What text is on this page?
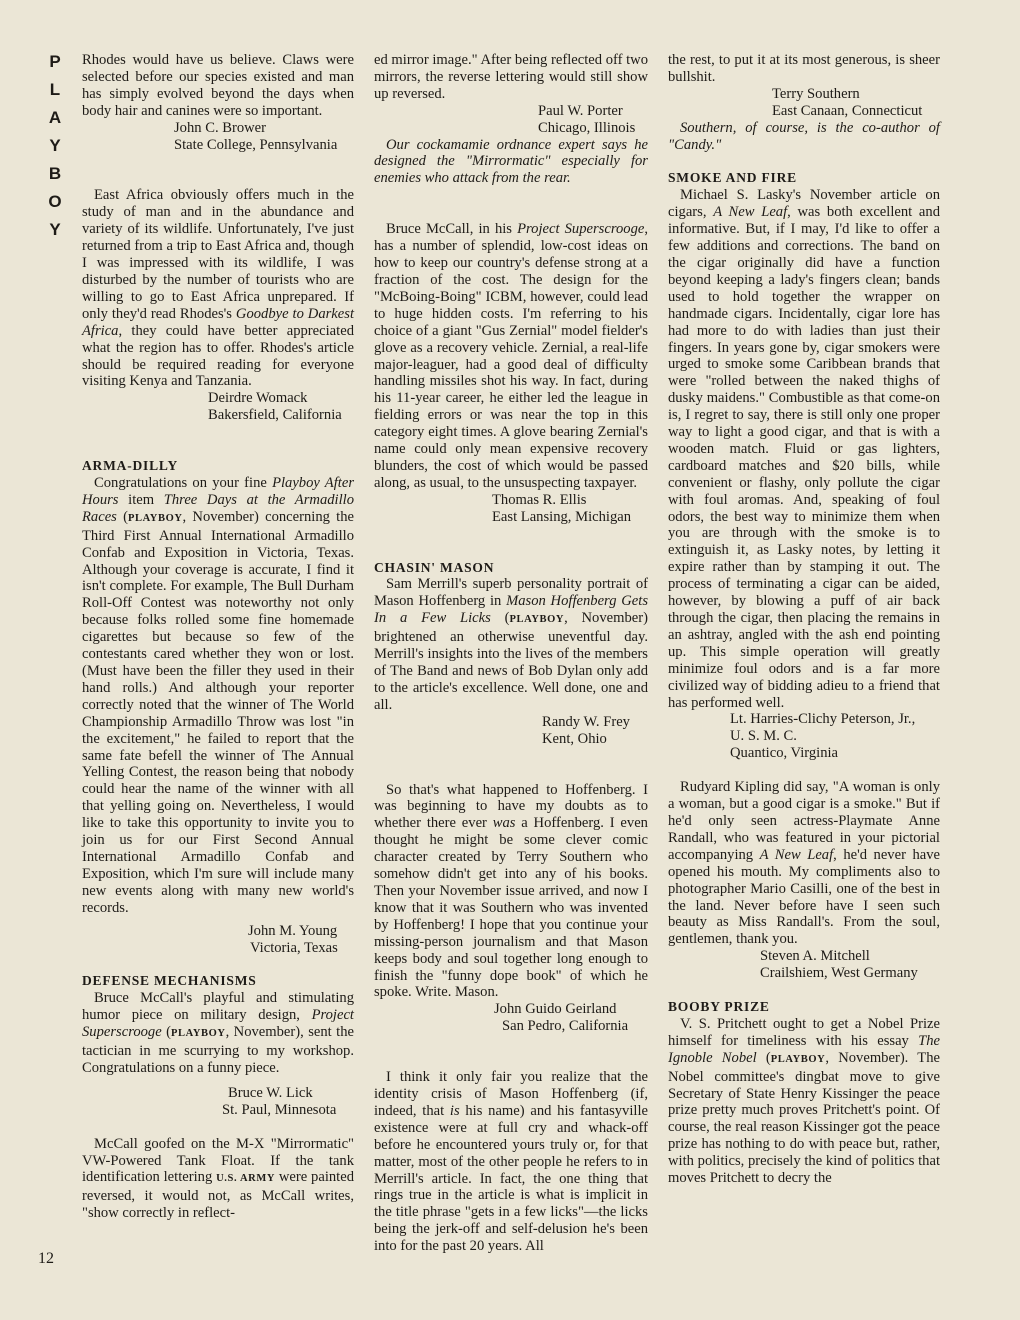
P
L
A
Y
B
O
Y
12

Rhodes would have us believe. Claws were selected before our species existed and man has simply evolved beyond the days when body hair and canines were so important.

John C. Brower
State College, Pennsylvania

East Africa obviously offers much in the study of man and in the abundance and variety of its wildlife. Unfortunately, I've just returned from a trip to East Africa and, though I was impressed with its wildlife, I was disturbed by the number of tourists who are willing to go to East Africa unprepared. If only they'd read Rhodes's Goodbye to Darkest Africa, they could have better appreciated what the region has to offer. Rhodes's article should be required reading for everyone visiting Kenya and Tanzania.

Deirdre Womack
Bakersfield, California
ARMA-DILLY

Congratulations on your fine Playboy After Hours item Three Days at the Armadillo Races (PLAYBOY, November) concerning the Third First Annual International Armadillo Confab and Exposition in Victoria, Texas. Although your coverage is accurate, I find it isn't complete. For example, The Bull Durham Roll-Off Contest was noteworthy not only because folks rolled some fine homemade cigarettes but because so few of the contestants cared whether they won or lost. (Must have been the filler they used in their hand rolls.) And although your reporter correctly noted that the winner of The World Championship Armadillo Throw was lost "in the excitement," he failed to report that the same fate befell the winner of The Annual Yelling Contest, the reason being that nobody could hear the name of the winner with all that yelling going on. Nevertheless, I would like to take this opportunity to invite you to join us for our First Second Annual International Armadillo Confab and Exposition, which I'm sure will include many new events along with many new world's records.

John M. Young
Victoria, Texas
DEFENSE MECHANISMS

Bruce McCall's playful and stimulating humor piece on military design, Project Superscrooge (PLAYBOY, November), sent the tactician in me scurrying to my workshop. Congratulations on a funny piece.

Bruce W. Lick
St. Paul, Minnesota

McCall goofed on the M-X "Mirrormatic" VW-Powered Tank Float. If the tank identification lettering U.S. ARMY were painted reversed, it would not, as McCall writes, "show correctly in reflect-

ed mirror image." After being reflected off two mirrors, the reverse lettering would still show up reversed.

Paul W. Porter
Chicago, Illinois

Our cockamamie ordnance expert says he designed the "Mirrormatic" especially for enemies who attack from the rear.

Bruce McCall, in his Project Superscrooge, has a number of splendid, low-cost ideas on how to keep our country's defense strong at a fraction of the cost. The design for the "McBoing-Boing" ICBM, however, could lead to huge hidden costs. I'm referring to his choice of a giant "Gus Zernial" model fielder's glove as a recovery vehicle. Zernial, a real-life major-leaguer, had a good deal of difficulty handling missiles shot his way. In fact, during his 11-year career, he either led the league in fielding errors or was near the top in this category eight times. A glove bearing Zernial's name could only mean expensive recovery blunders, the cost of which would be passed along, as usual, to the unsuspecting taxpayer.

Thomas R. Ellis
East Lansing, Michigan
CHASIN' MASON

Sam Merrill's superb personality portrait of Mason Hoffenberg in Mason Hoffenberg Gets In a Few Licks (PLAYBOY, November) brightened an otherwise uneventful day. Merrill's insights into the lives of the members of The Band and news of Bob Dylan only add to the article's excellence. Well done, one and all.

Randy W. Frey
Kent, Ohio

So that's what happened to Hoffenberg. I was beginning to have my doubts as to whether there ever was a Hoffenberg. I even thought he might be some clever comic character created by Terry Southern who somehow didn't get into any of his books. Then your November issue arrived, and now I know that it was Southern who was invented by Hoffenberg! I hope that you continue your missing-person journalism and that Mason keeps body and soul together long enough to finish the "funny dope book" of which he spoke. Write. Mason.

John Guido Geirland
San Pedro, California

I think it only fair you realize that the identity crisis of Mason Hoffenberg (if, indeed, that is his name) and his fantasyville existence were at full cry and whack-off before he encountered yours truly or, for that matter, most of the other people he refers to in Merrill's article. In fact, the one thing that rings true in the article is what is implicit in the title phrase "gets in a few licks"—the licks being the jerk-off and self-delusion he's been into for the past 20 years. All

the rest, to put it at its most generous, is sheer bullshit.

Terry Southern
East Canaan, Connecticut

Southern, of course, is the co-author of "Candy."

SMOKE AND FIRE

Michael S. Lasky's November article on cigars, A New Leaf, was both excellent and informative. But, if I may, I'd like to offer a few additions and corrections. The band on the cigar originally did have a function beyond keeping a lady's fingers clean; bands used to hold together the wrapper on handmade cigars. Incidentally, cigar lore has had more to do with ladies than just their fingers. In years gone by, cigar smokers were urged to smoke some Caribbean brands that were "rolled between the naked thighs of dusky maidens." Combustible as that come-on is, I regret to say, there is still only one proper way to light a good cigar, and that is with a wooden match. Fluid or gas lighters, cardboard matches and $20 bills, while convenient or flashy, only pollute the cigar with foul aromas. And, speaking of foul odors, the best way to minimize them when you are through with the smoke is to extinguish it, as Lasky notes, by letting it expire rather than by stamping it out. The process of terminating a cigar can be aided, however, by blowing a puff of air back through the cigar, then placing the remains in an ashtray, angled with the ash end pointing up. This simple operation will greatly minimize foul odors and is a far more civilized way of bidding adieu to a friend that has performed well.

Lt. Harries-Clichy Peterson, Jr.,
U. S. M. C.
Quantico, Virginia

Rudyard Kipling did say, "A woman is only a woman, but a good cigar is a smoke." But if he'd only seen actress-Playmate Anne Randall, who was featured in your pictorial accompanying A New Leaf, he'd never have opened his mouth. My compliments also to photographer Mario Casilli, one of the best in the land. Never before have I seen such beauty as Miss Randall's. From the soul, gentlemen, thank you.

Steven A. Mitchell
Crailshiem, West Germany
BOOBY PRIZE

V. S. Pritchett ought to get a Nobel Prize himself for timeliness with his essay The Ignoble Nobel (PLAYBOY, November). The Nobel committee's dingbat move to give Secretary of State Henry Kissinger the peace prize pretty much proves Pritchett's point. Of course, the real reason Kissinger got the peace prize has nothing to do with peace but, rather, with politics, precisely the kind of politics that moves Pritchett to decry the
